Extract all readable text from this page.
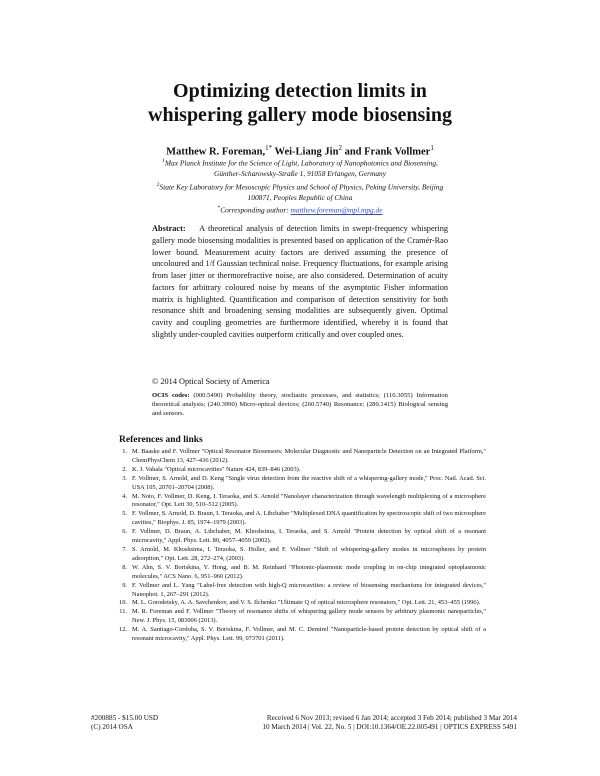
Optimizing detection limits in
whispering gallery mode biosensing
Matthew R. Foreman,$^{1*}$ Wei-Liang Jin$^2$ and Frank Vollmer$^1$

$^1$Max Planck Institute for the Science of Light, Laboratory of Nanophotonics and Biosensing, Günther-Scharowsky-Straße 1, 91058 Erlangen, Germany

$^2$State Key Laboratory for Mesoscopic Physics and School of Physics, Peking University, Beijing 100871, Peoples Republic of China

*Corresponding author: matthew.foreman@mpl.mpg.de

Abstract: A theoretical analysis of detection limits in swept-frequency whispering gallery mode biosensing modalities is presented based on application of the Cramér-Rao lower bound. Measurement acuity factors are derived assuming the presence of uncoloured and 1/f Gaussian technical noise. Frequency fluctuations, for example arising from laser jitter or thermorefractive noise, are also considered. Determination of acuity factors for arbitrary coloured noise by means of the asymptotic Fisher information matrix is highlighted. Quantification and comparison of detection sensitivity for both resonance shift and broadening sensing modalities are subsequently given. Optimal cavity and coupling geometries are furthermore identified, whereby it is found that slightly under-coupled cavities outperform critically and over coupled ones.

© 2014 Optical Society of America
OCIS codes: (000.5490) Probability theory, stochastic processes, and statistics; (110.3055) Information theoretical analysis; (240.3990) Micro-optical devices; (260.5740) Resonance; (280.1415) Biological sensing and sensors.
References and links
1. M. Baaske and F. Vollmer "Optical Resonator Biosensors: Molecular Diagnostic and Nanoparticle Detection on an Integrated Platform," ChemPhysChem 13, 427–436 (2012).
2. K. J. Vahala "Optical microcavities" Nature 424, 839–846 (2003).
3. F. Vollmer, S. Arnold, and D. Keng "Single virus detection from the reactive shift of a whispering-gallery mode," Proc. Natl. Acad. Sci. USA 105, 20701–20704 (2008).
4. M. Noto, F. Vollmer, D. Keng, I. Teraoka, and S. Arnold "Nanolayer characterization through wavelength multiplexing of a microsphere resonator," Opt. Lett 30, 510–512 (2005).
5. F. Vollmer, S. Arnold, D. Braun, I. Teraoka, and A. Libchaber "Multiplexed DNA quantification by spectroscopic shift of two microsphere cavities," Biophys. J. 85, 1974–1979 (2003).
6. F. Vollmer, D. Braun, A. Libchaber, M. Khoshsima, I. Teraoka, and S. Arnold "Protein detection by optical shift of a resonant microcavity," Appl. Phys. Lett. 80, 4057–4059 (2002).
7. S. Arnold, M. Khoshsima, I. Teraoka, S. Holler, and F. Vollmer "Shift of whispering-gallery modes in microspheres by protein adsorption," Opt. Lett. 28, 272–274, (2003).
8. W. Ahn, S. V. Boriskina, Y. Hong, and B. M. Reinhard "Photonic-plasmonic mode coupling in on-chip integrated optoplasmonic molecules," ACS Nano. 6, 951–960 (2012).
9. F. Vollmer and L. Yang "Label-free detection with high-Q microcavities: a review of biosensing mechanisms for integrated devices," Nanophot. 1, 267–291 (2012).
10. M. L. Gorodetsky, A. A. Savchenkov, and V. S. Ilchenko "Ultimate Q of optical microsphere resonators," Opt. Lett. 21, 453–455 (1996).
11. M. R. Foreman and F. Vollmer "Theory of resonance shifts of whispering gallery mode sensors by arbitrary plasmonic nanoparticles," New. J. Phys. 15, 083006 (2013).
12. M. A. Santiago-Cordoba, S. V. Boriskina, F. Vollmer, and M. C. Demirel "Nanoparticle-based protein detection by optical shift of a resonant microcavity," Appl. Phys. Lett. 99, 073701 (2011).
#200885 - $15.00 USD
(C) 2014 OSA
Received 6 Nov 2013; revised 6 Jan 2014; accepted 3 Feb 2014; published 3 Mar 2014
10 March 2014 | Vol. 22, No. 5 | DOI:10.1364/OE.22.005491 | OPTICS EXPRESS 5491
